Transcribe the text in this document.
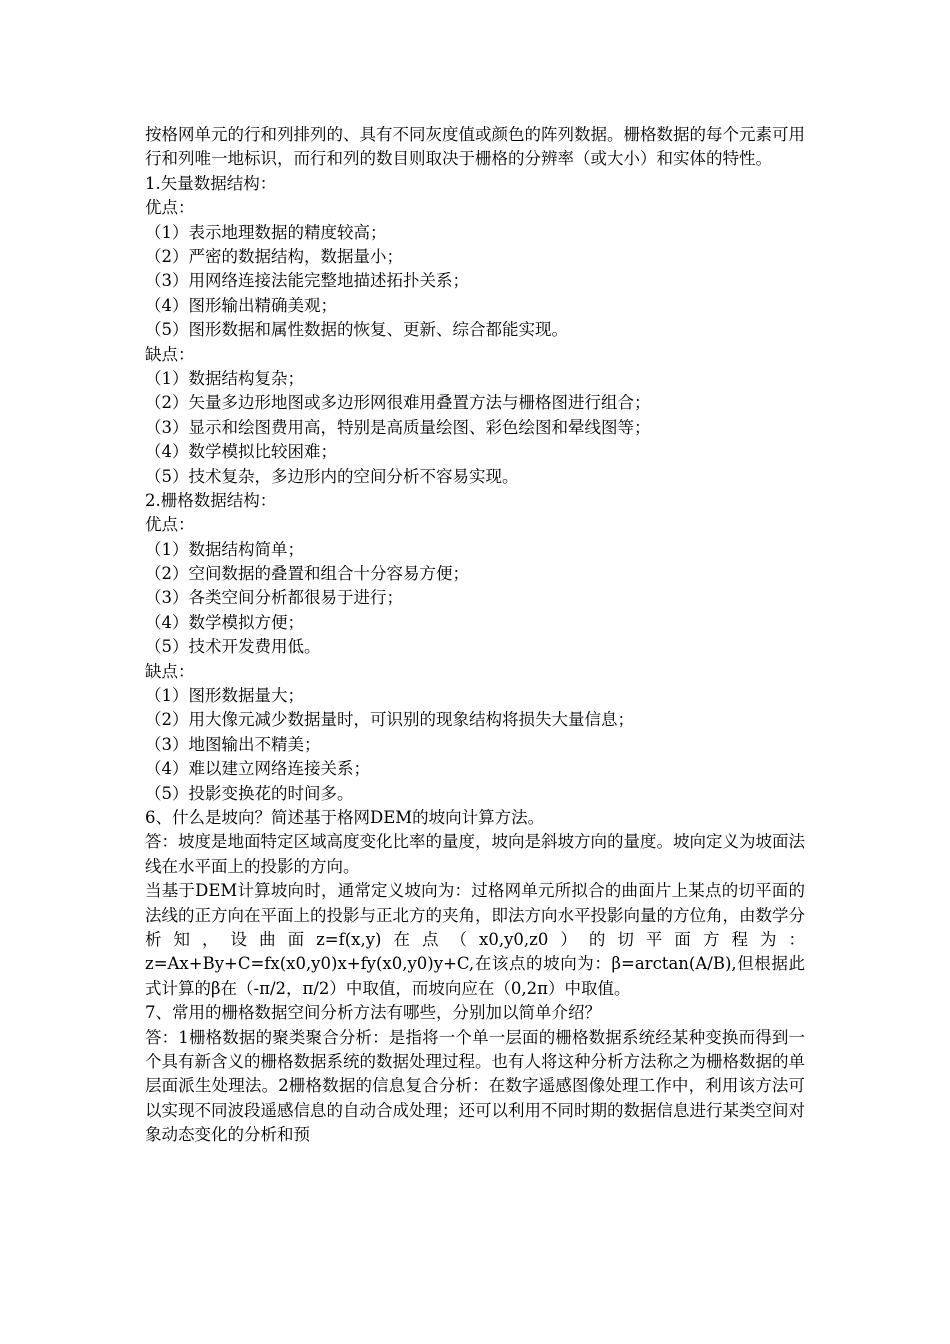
按格网单元的行和列排列的、具有不同灰度值或颜色的阵列数据。栅格数据的每个元素可用行和列唯一地标识，而行和列的数目则取决于栅格的分辨率（或大小）和实体的特性。
1.矢量数据结构：
优点：
（1）表示地理数据的精度较高；
（2）严密的数据结构，数据量小；
（3）用网络连接法能完整地描述拓扑关系；
（4）图形输出精确美观；
（5）图形数据和属性数据的恢复、更新、综合都能实现。
缺点：
（1）数据结构复杂；
（2）矢量多边形地图或多边形网很难用叠置方法与栅格图进行组合；
（3）显示和绘图费用高，特别是高质量绘图、彩色绘图和晕线图等；
（4）数学模拟比较困难；
（5）技术复杂，多边形内的空间分析不容易实现。
2.栅格数据结构：
优点：
（1）数据结构简单；
（2）空间数据的叠置和组合十分容易方便；
（3）各类空间分析都很易于进行；
（4）数学模拟方便；
（5）技术开发费用低。
缺点：
（1）图形数据量大；
（2）用大像元减少数据量时，可识别的现象结构将损失大量信息；
（3）地图输出不精美；
（4）难以建立网络连接关系；
（5）投影变换花的时间多。
6、什么是坡向？简述基于格网DEM的坡向计算方法。
答：坡度是地面特定区域高度变化比率的量度，坡向是斜坡方向的量度。坡向定义为坡面法线在水平面上的投影的方向。
当基于DEM计算坡向时，通常定义坡向为：过格网单元所拟合的曲面片上某点的切平面的法线的正方向在平面上的投影与正北方的夹角，即法方向水平投影向量的方位角，由数学分析知，设曲面z=f(x,y)在点（x0,y0,z0）的切平面方程为：z=Ax+By+C=fx(x0,y0)x+fy(x0,y0)y+C,在该点的坡向为：β=arctan(A/B),但根据此式计算的β在（-π/2，π/2）中取值，而坡向应在（0,2π）中取值。
7、常用的栅格数据空间分析方法有哪些，分别加以简单介绍？
答：1栅格数据的聚类聚合分析：是指将一个单一层面的栅格数据系统经某种变换而得到一个具有新含义的栅格数据系统的数据处理过程。也有人将这种分析方法称之为栅格数据的单层面派生处理法。2栅格数据的信息复合分析：在数字遥感图像处理工作中，利用该方法可以实现不同波段遥感信息的自动合成处理；还可以利用不同时期的数据信息进行某类空间对象动态变化的分析和预
